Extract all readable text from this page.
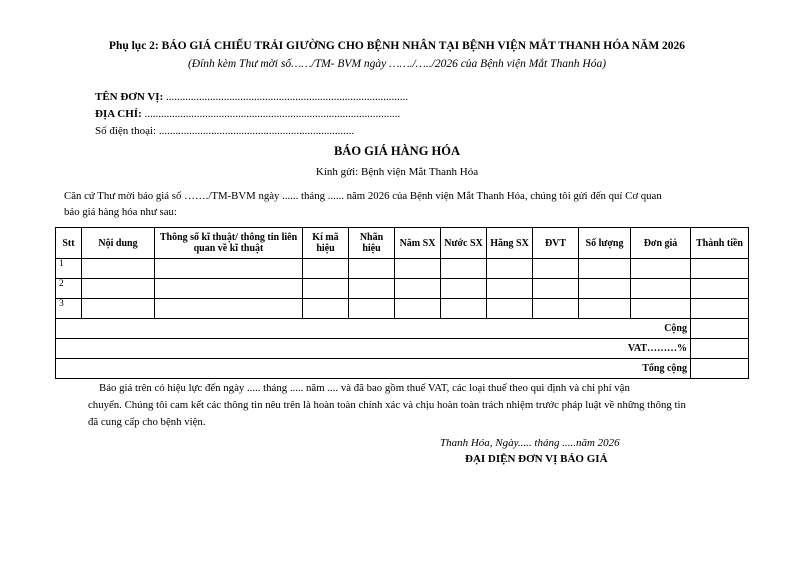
Phụ lục 2: BÁO GIÁ CHIẾU TRẢI GIƯỜNG CHO BỆNH NHÂN TẠI BỆNH VIỆN MẮT THANH HÓA NĂM 2026
(Đính kèm Thư mời số……/TM- BVM ngày ……./…../2026 của Bệnh viện Mắt Thanh Hóa)
TÊN ĐƠN VỊ: ........................................................................................
ĐỊA CHỈ: .............................................................................................
Số điện thoại: .......................................................................
BÁO GIÁ HÀNG HÓA
Kính gửi: Bệnh viện Mắt Thanh Hóa
Căn cứ Thư mời báo giá số ……./TM-BVM ngày ...... tháng ...... năm 2026 của Bệnh viện Mắt Thanh Hóa, chúng tôi gửi đến quí Cơ quan
báo giá hàng hóa như sau:
Stt	Nội dung	Thông số kĩ thuật/ thông tin liên quan về kĩ thuật	Kí mã hiệu	Nhãn hiệu	Năm SX	Nước SX	Hãng SX	ĐVT	Số lượng	Đơn giá	Thành tiền
1											
2											
3											
Cộng											
VAT………%											
Tổng cộng											
Báo giá trên có hiệu lực đến ngày ..... tháng ..... năm .... và đã bao gồm thuế VAT, các loại thuế theo qui định và chi phí vận
chuyển. Chúng tôi cam kết các thông tin nêu trên là hoàn toàn chính xác và chịu hoàn toàn trách nhiệm trước pháp luật về những thông tin
đã cung cấp cho bệnh viện.
Thanh Hóa, Ngày..... tháng .....năm 2026
ĐẠI DIỆN ĐƠN VỊ BÁO GIÁ
